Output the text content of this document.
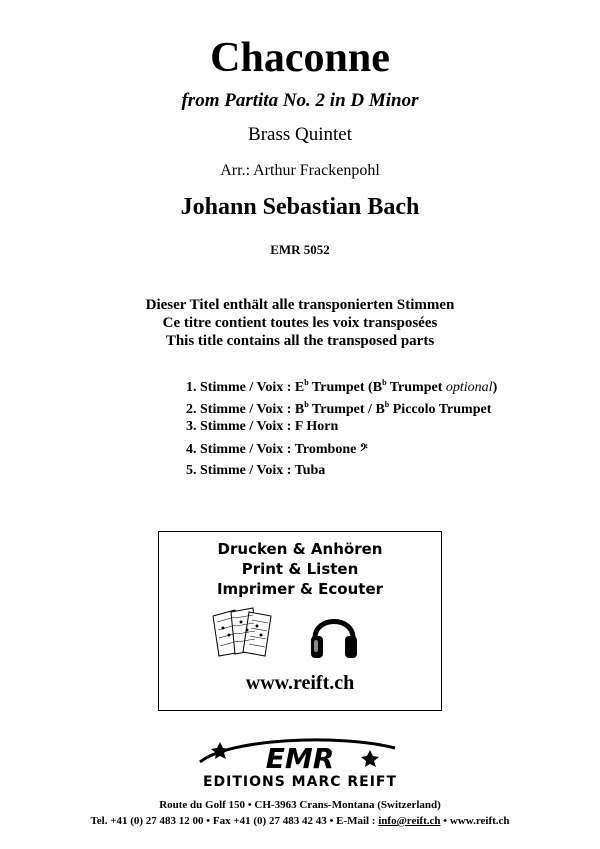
Chaconne
from Partita No. 2 in D Minor
Brass Quintet
Arr.: Arthur Frackenpohl
Johann Sebastian Bach
EMR 5052
Dieser Titel enthält alle transponierten Stimmen
Ce titre contient toutes les voix transposées
This title contains all the transposed parts
1. Stimme / Voix : $E^b$ Trumpet ($B^b$ Trumpet optional)
2. Stimme / Voix : $B^b$ Trumpet / $B^b$ Piccolo Trumpet
3. Stimme / Voix : F Horn
4. Stimme / Voix : Trombone 𝄢
5. Stimme / Voix : Tuba
Drucken & Anhören
Print & Listen
Imprimer & Ecouter
www.reift.ch
EMR
EDITIONS MARC REIFT
Route du Golf 150 • CH-3963 Crans-Montana (Switzerland)
Tel. +41 (0) 27 483 12 00 • Fax +41 (0) 27 483 42 43 • E-Mail : info@reift.ch • www.reift.ch
